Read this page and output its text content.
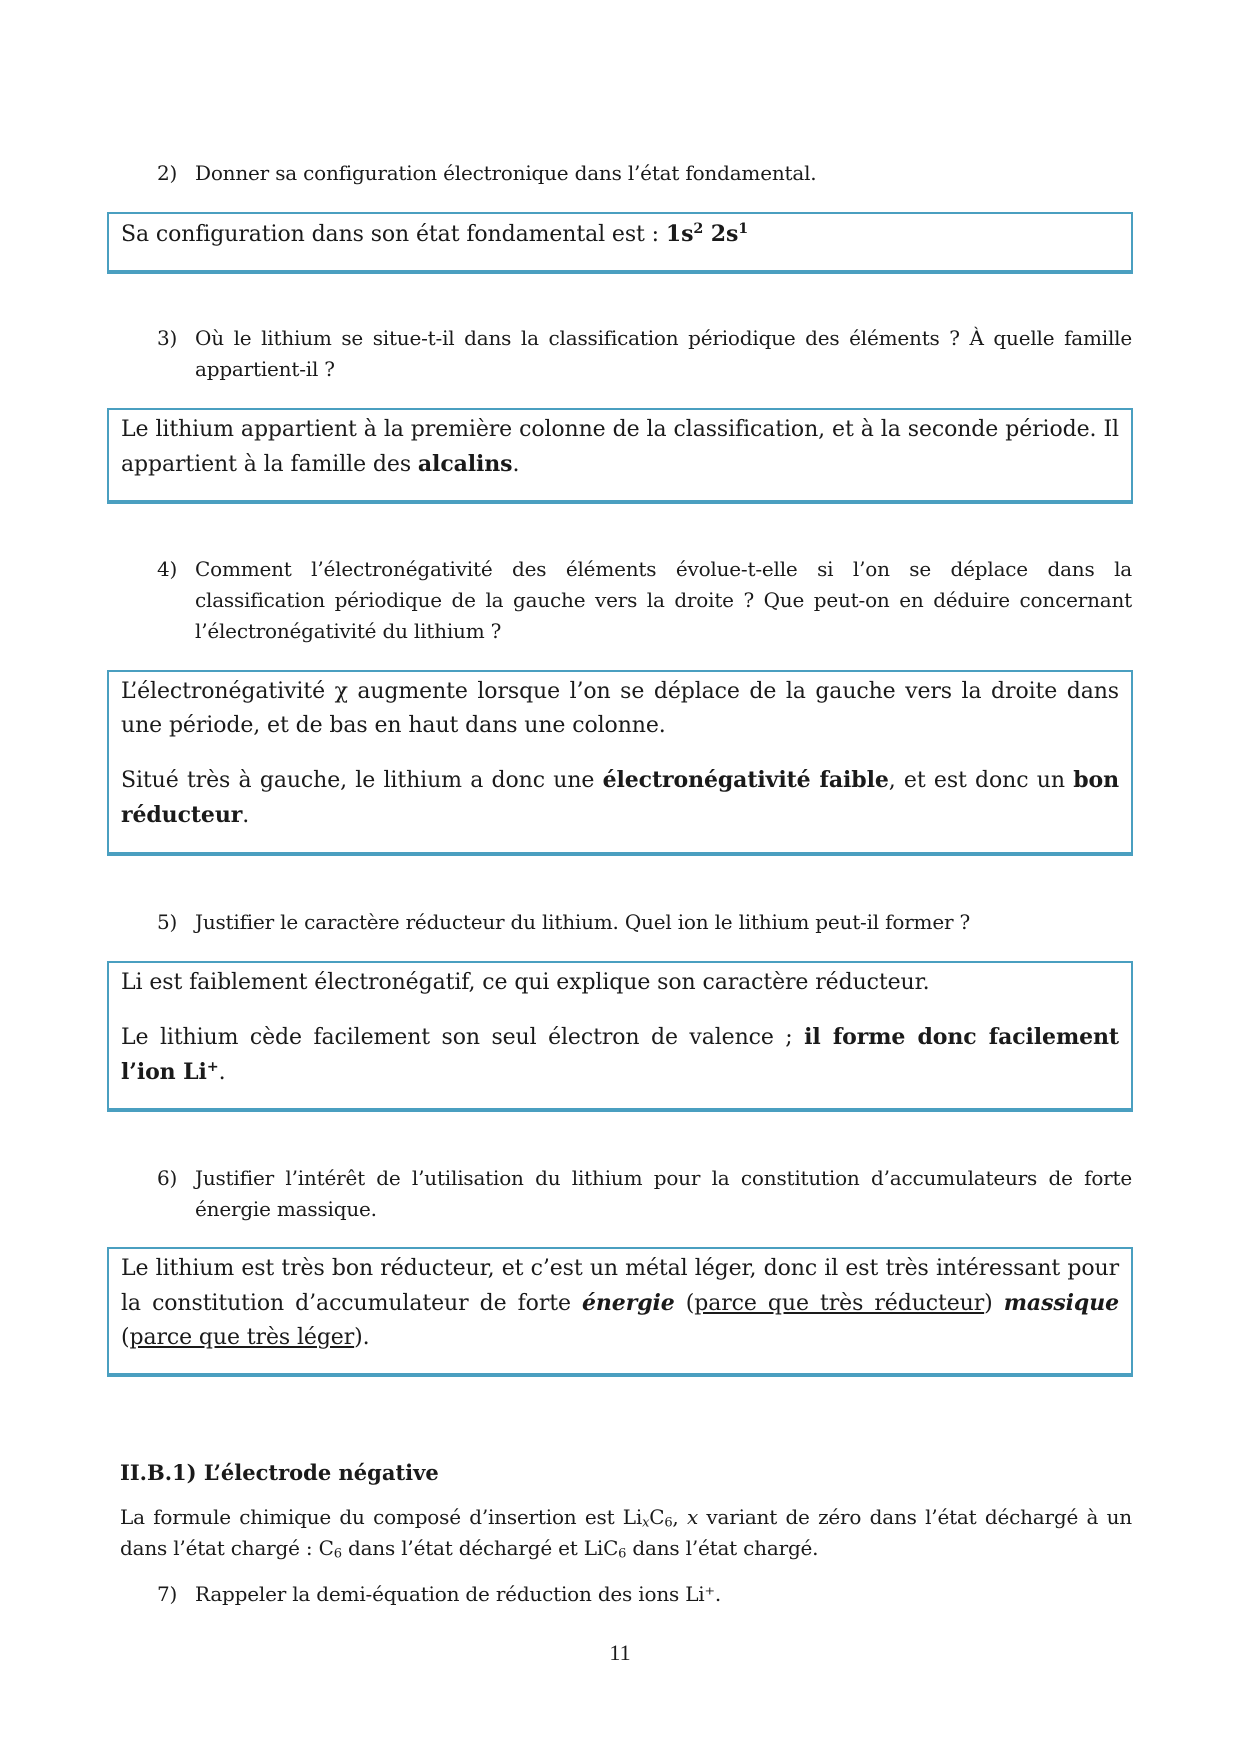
2) Donner sa configuration électronique dans l’état fondamental.

Sa configuration dans son état fondamental est : $1s^2$ $2s^1$

3) Où le lithium se situe-t-il dans la classification périodique des éléments ? À quelle famille appartient-il ?

Le lithium appartient à la première colonne de la classification, et à la seconde période. Il appartient à la famille des alcalins.

4) Comment l’électronégativité des éléments évolue-t-elle si l’on se déplace dans la classification périodique de la gauche vers la droite ? Que peut-on en déduire concernant l’électronégativité du lithium ?

L’électronégativité χ augmente lorsque l’on se déplace de la gauche vers la droite dans une période, et de bas en haut dans une colonne.

Situé très à gauche, le lithium a donc une électronégativité faible, et est donc un bon réducteur.

5) Justifier le caractère réducteur du lithium. Quel ion le lithium peut-il former ?

Li est faiblement électronégatif, ce qui explique son caractère réducteur.

Le lithium cède facilement son seul électron de valence ; il forme donc facilement l’ion Li+.

6) Justifier l’intérêt de l’utilisation du lithium pour la constitution d’accumulateurs de forte énergie massique.

Le lithium est très bon réducteur, et c’est un métal léger, donc il est très intéressant pour la constitution d’accumulateur de forte énergie (parce que très réducteur) massique (parce que très léger).

II.B.1) L’électrode négative
La formule chimique du composé d’insertion est $Li_xC_6$, x variant de zéro dans l’état déchargé à un dans l’état chargé : $C_6$ dans l’état déchargé et LiC$_6$ dans l’état chargé.
7) Rappeler la demi-équation de réduction des ions Li⁺.
11
